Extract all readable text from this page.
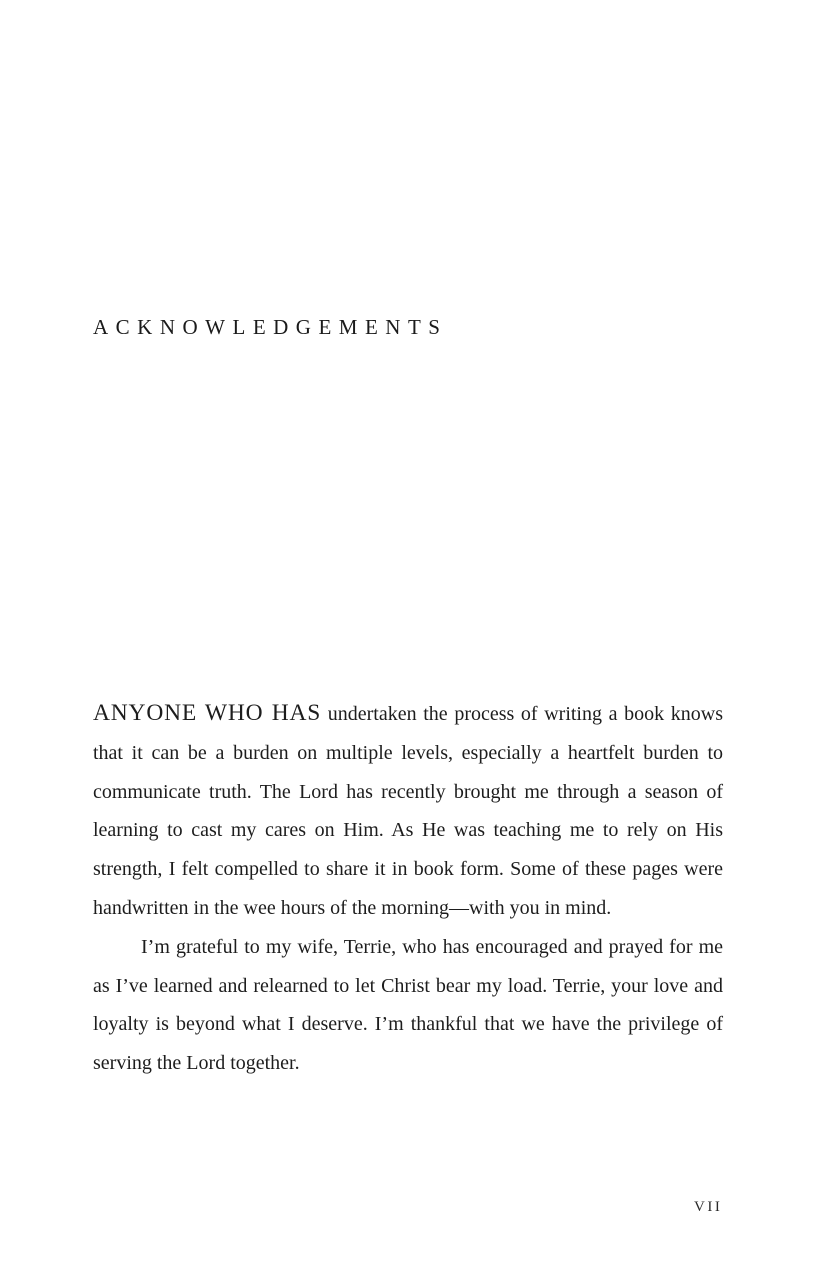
ACKNOWLEDGEMENTS

ANYONE WHO HAS undertaken the process of writing a book knows that it can be a burden on multiple levels, especially a heartfelt burden to communicate truth. The Lord has recently brought me through a season of learning to cast my cares on Him. As He was teaching me to rely on His strength, I felt compelled to share it in book form. Some of these pages were handwritten in the wee hours of the morning—with you in mind.

I’m grateful to my wife, Terrie, who has encouraged and prayed for me as I’ve learned and relearned to let Christ bear my load. Terrie, your love and loyalty is beyond what I deserve. I’m thankful that we have the privilege of serving the Lord together.

VII
